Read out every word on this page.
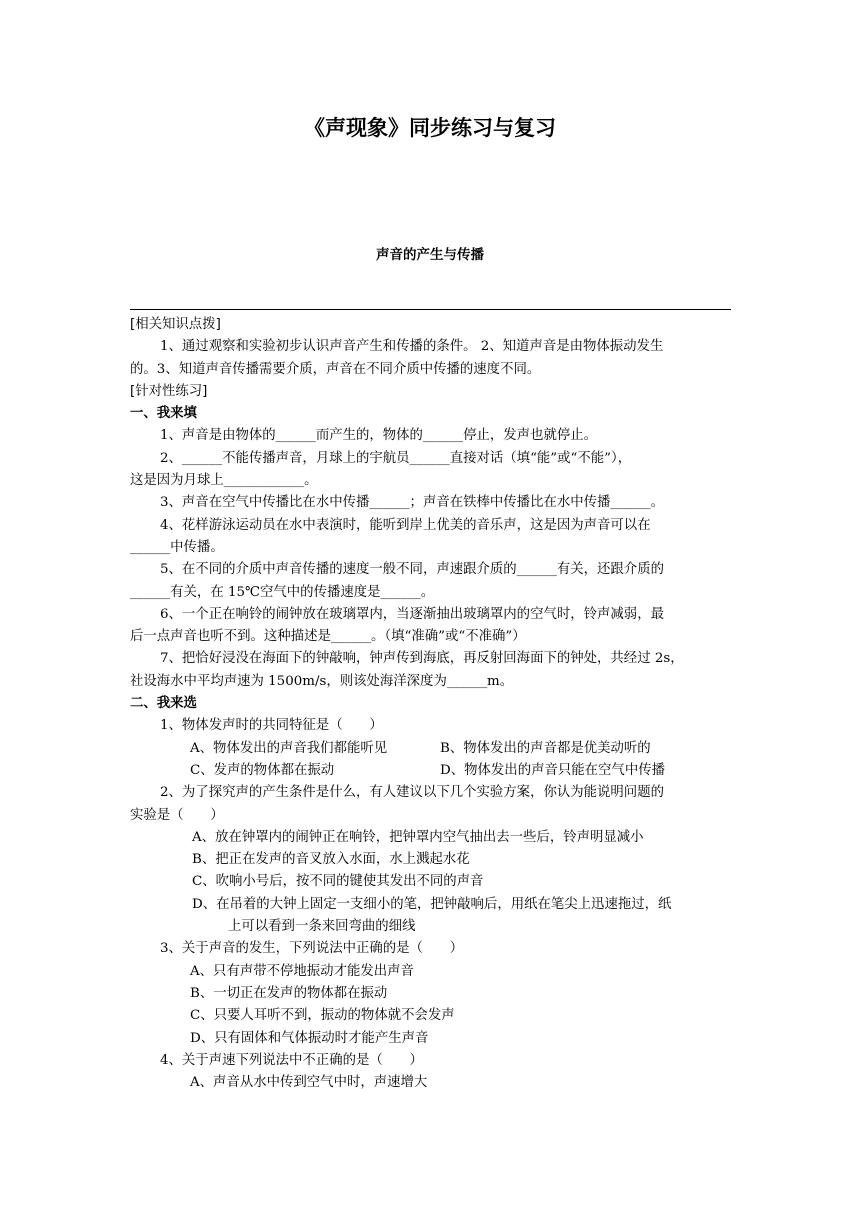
《声现象》同步练习与复习
声音的产生与传播
[相关知识点拨]
1、通过观察和实验初步认识声音产生和传播的条件。 2、知道声音是由物体振动发生
的。3、知道声音传播需要介质，声音在不同介质中传播的速度不同。
[针对性练习]
一、我来填
1、声音是由物体的______而产生的，物体的______停止，发声也就停止。
2、______不能传播声音，月球上的宇航员______直接对话（填“能”或“不能”），
这是因为月球上____________。
3、声音在空气中传播比在水中传播______；声音在铁棒中传播比在水中传播______。
4、花样游泳运动员在水中表演时，能听到岸上优美的音乐声，这是因为声音可以在
______中传播。
5、在不同的介质中声音传播的速度一般不同，声速跟介质的______有关，还跟介质的
______有关，在 15℃空气中的传播速度是______。
6、一个正在响铃的闹钟放在玻璃罩内，当逐渐抽出玻璃罩内的空气时，铃声减弱，最
后一点声音也听不到。这种描述是______。（填“准确”或“不准确”）
7、把恰好浸没在海面下的钟敲响，钟声传到海底，再反射回海面下的钟处，共经过 2s，
社设海水中平均声速为 1500m/s，则该处海洋深度为______m。
二、我来选
1、物体发声时的共同特征是（　　）
A、物体发出的声音我们都能听见	B、物体发出的声音都是优美动听的
C、发声的物体都在振动	D、物体发出的声音只能在空气中传播
2、为了探究声的产生条件是什么，有人建议以下几个实验方案，你认为能说明问题的
实验是（　　）
A、放在钟罩内的闹钟正在响铃，把钟罩内空气抽出去一些后，铃声明显减小
B、把正在发声的音叉放入水面，水上溅起水花
C、吹响小号后，按不同的键使其发出不同的声音
D、在吊着的大钟上固定一支细小的笔，把钟敲响后，用纸在笔尖上迅速拖过，纸
上可以看到一条来回弯曲的细线
3、关于声音的发生，下列说法中正确的是（　　）
A、只有声带不停地振动才能发出声音
B、一切正在发声的物体都在振动
C、只要人耳听不到，振动的物体就不会发声
D、只有固体和气体振动时才能产生声音
4、关于声速下列说法中不正确的是（　　）
A、声音从水中传到空气中时，声速增大
